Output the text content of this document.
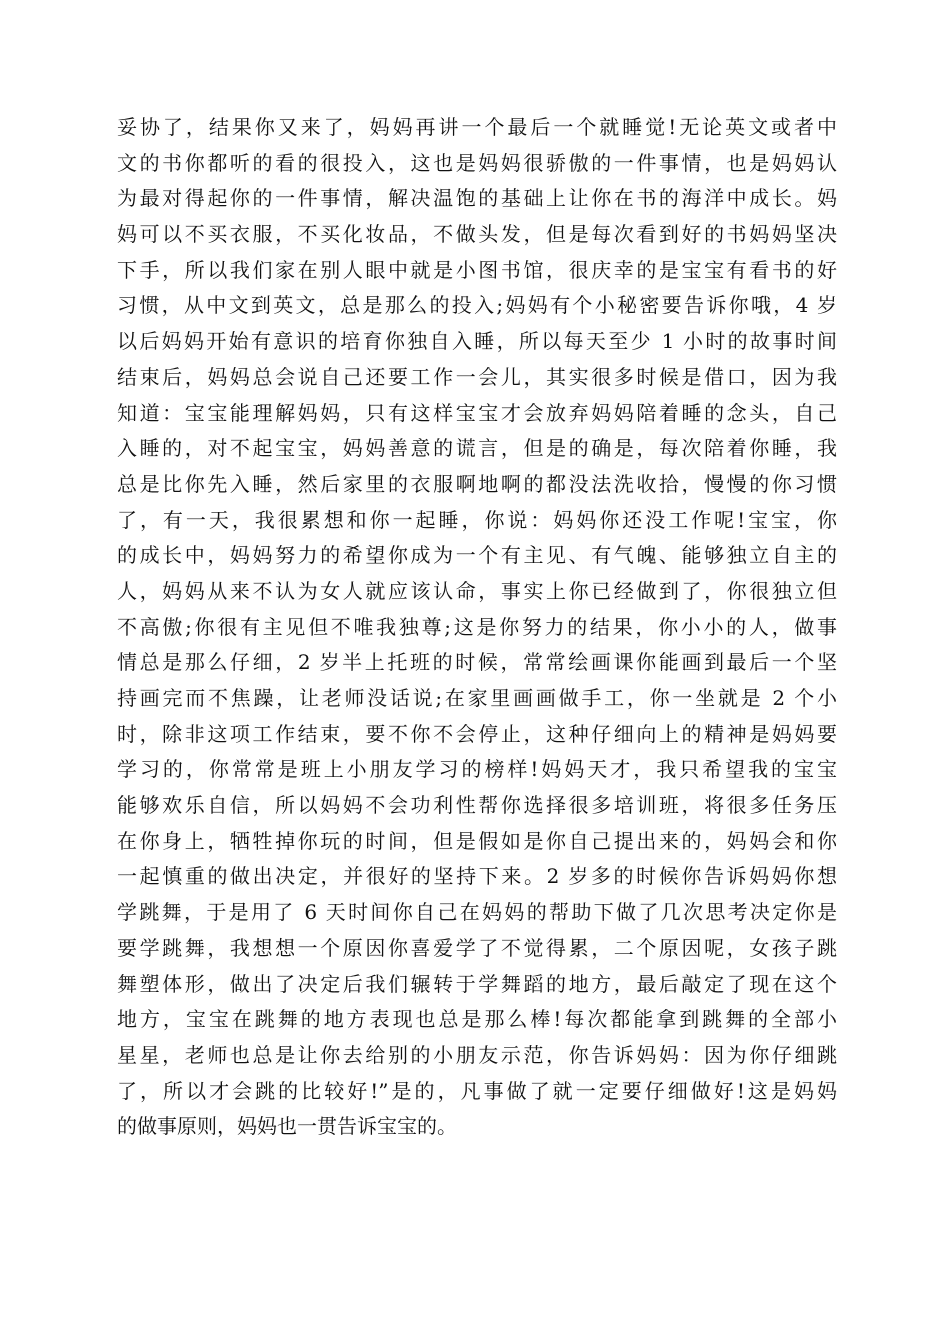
妥协了，结果你又来了，妈妈再讲一个最后一个就睡觉!无论英文或者中
文的书你都听的看的很投入，这也是妈妈很骄傲的一件事情，也是妈妈认
为最对得起你的一件事情，解决温饱的基础上让你在书的海洋中成长。妈
妈可以不买衣服，不买化妆品，不做头发，但是每次看到好的书妈妈坚决
下手，所以我们家在别人眼中就是小图书馆，很庆幸的是宝宝有看书的好
习惯，从中文到英文，总是那么的投入;妈妈有个小秘密要告诉你哦，4 岁
以后妈妈开始有意识的培育你独自入睡，所以每天至少 1 小时的故事时间
结束后，妈妈总会说自己还要工作一会儿，其实很多时候是借口，因为我
知道：宝宝能理解妈妈，只有这样宝宝才会放弃妈妈陪着睡的念头，自己
入睡的，对不起宝宝，妈妈善意的谎言，但是的确是，每次陪着你睡，我
总是比你先入睡，然后家里的衣服啊地啊的都没法洗收拾，慢慢的你习惯
了，有一天，我很累想和你一起睡，你说：妈妈你还没工作呢!宝宝，你
的成长中，妈妈努力的希望你成为一个有主见、有气魄、能够独立自主的
人，妈妈从来不认为女人就应该认命，事实上你已经做到了，你很独立但
不高傲;你很有主见但不唯我独尊;这是你努力的结果，你小小的人，做事
情总是那么仔细，2 岁半上托班的时候，常常绘画课你能画到最后一个坚
持画完而不焦躁，让老师没话说;在家里画画做手工，你一坐就是 2 个小
时，除非这项工作结束，要不你不会停止，这种仔细向上的精神是妈妈要
学习的，你常常是班上小朋友学习的榜样!妈妈天才，我只希望我的宝宝
能够欢乐自信，所以妈妈不会功利性帮你选择很多培训班，将很多任务压
在你身上，牺牲掉你玩的时间，但是假如是你自己提出来的，妈妈会和你
一起慎重的做出决定，并很好的坚持下来。2 岁多的时候你告诉妈妈你想
学跳舞，于是用了 6 天时间你自己在妈妈的帮助下做了几次思考决定你是
要学跳舞，我想想一个原因你喜爱学了不觉得累，二个原因呢，女孩子跳
舞塑体形，做出了决定后我们辗转于学舞蹈的地方，最后敲定了现在这个
地方，宝宝在跳舞的地方表现也总是那么棒!每次都能拿到跳舞的全部小
星星，老师也总是让你去给别的小朋友示范，你告诉妈妈：因为你仔细跳
了，所以才会跳的比较好!”是的，凡事做了就一定要仔细做好!这是妈妈
的做事原则，妈妈也一贯告诉宝宝的。
